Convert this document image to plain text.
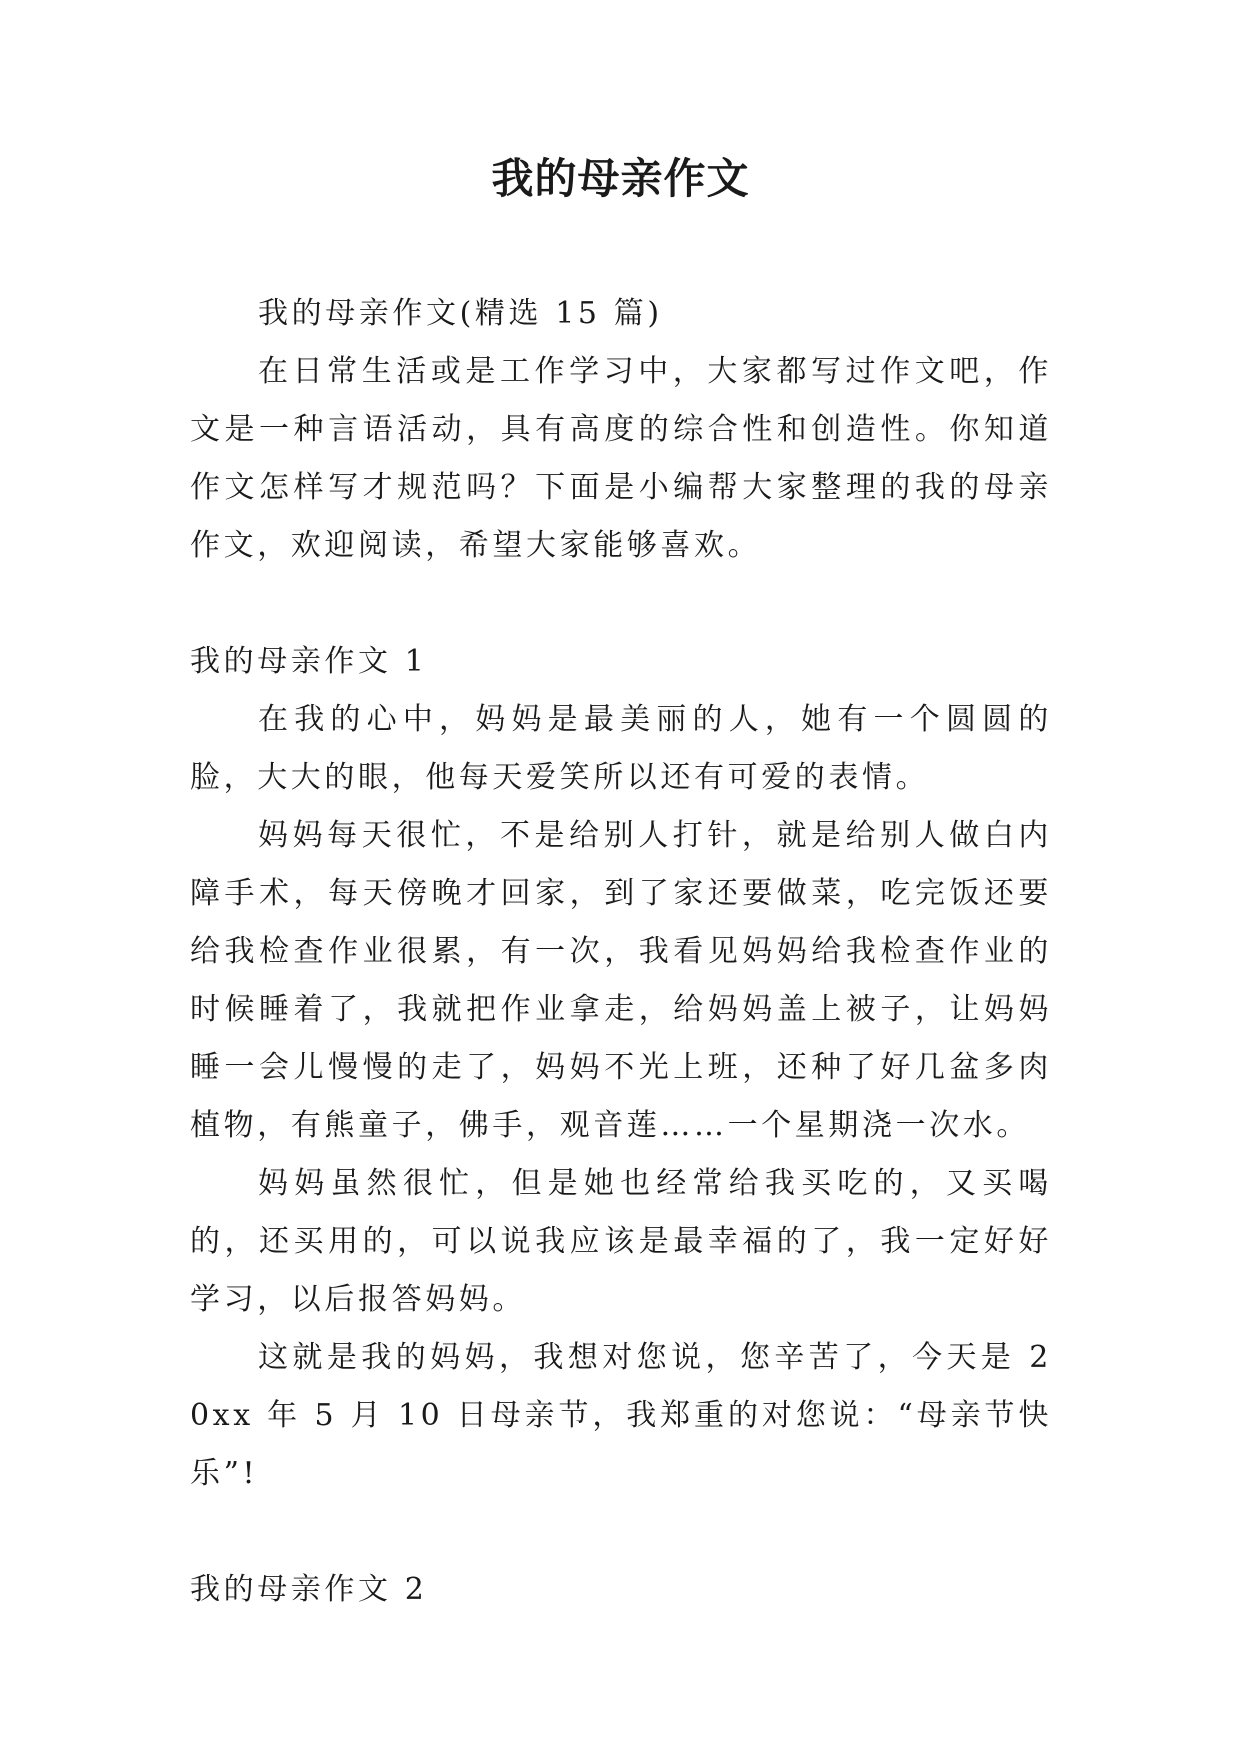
我的母亲作文

我的母亲作文(精选 15 篇)

在日常生活或是工作学习中，大家都写过作文吧，作文是一种言语活动，具有高度的综合性和创造性。你知道作文怎样写才规范吗？下面是小编帮大家整理的我的母亲作文，欢迎阅读，希望大家能够喜欢。

我的母亲作文 1

在我的心中，妈妈是最美丽的人，她有一个圆圆的脸，大大的眼，他每天爱笑所以还有可爱的表情。

妈妈每天很忙，不是给别人打针，就是给别人做白内障手术，每天傍晚才回家，到了家还要做菜，吃完饭还要给我检查作业很累，有一次，我看见妈妈给我检查作业的时候睡着了，我就把作业拿走，给妈妈盖上被子，让妈妈睡一会儿慢慢的走了，妈妈不光上班，还种了好几盆多肉植物，有熊童子，佛手，观音莲……一个星期浇一次水。

妈妈虽然很忙，但是她也经常给我买吃的，又买喝的，还买用的，可以说我应该是最幸福的了，我一定好好学习，以后报答妈妈。

这就是我的妈妈，我想对您说，您辛苦了，今天是 20xx 年 5 月 10 日母亲节，我郑重的对您说：“母亲节快乐”!

我的母亲作文 2
